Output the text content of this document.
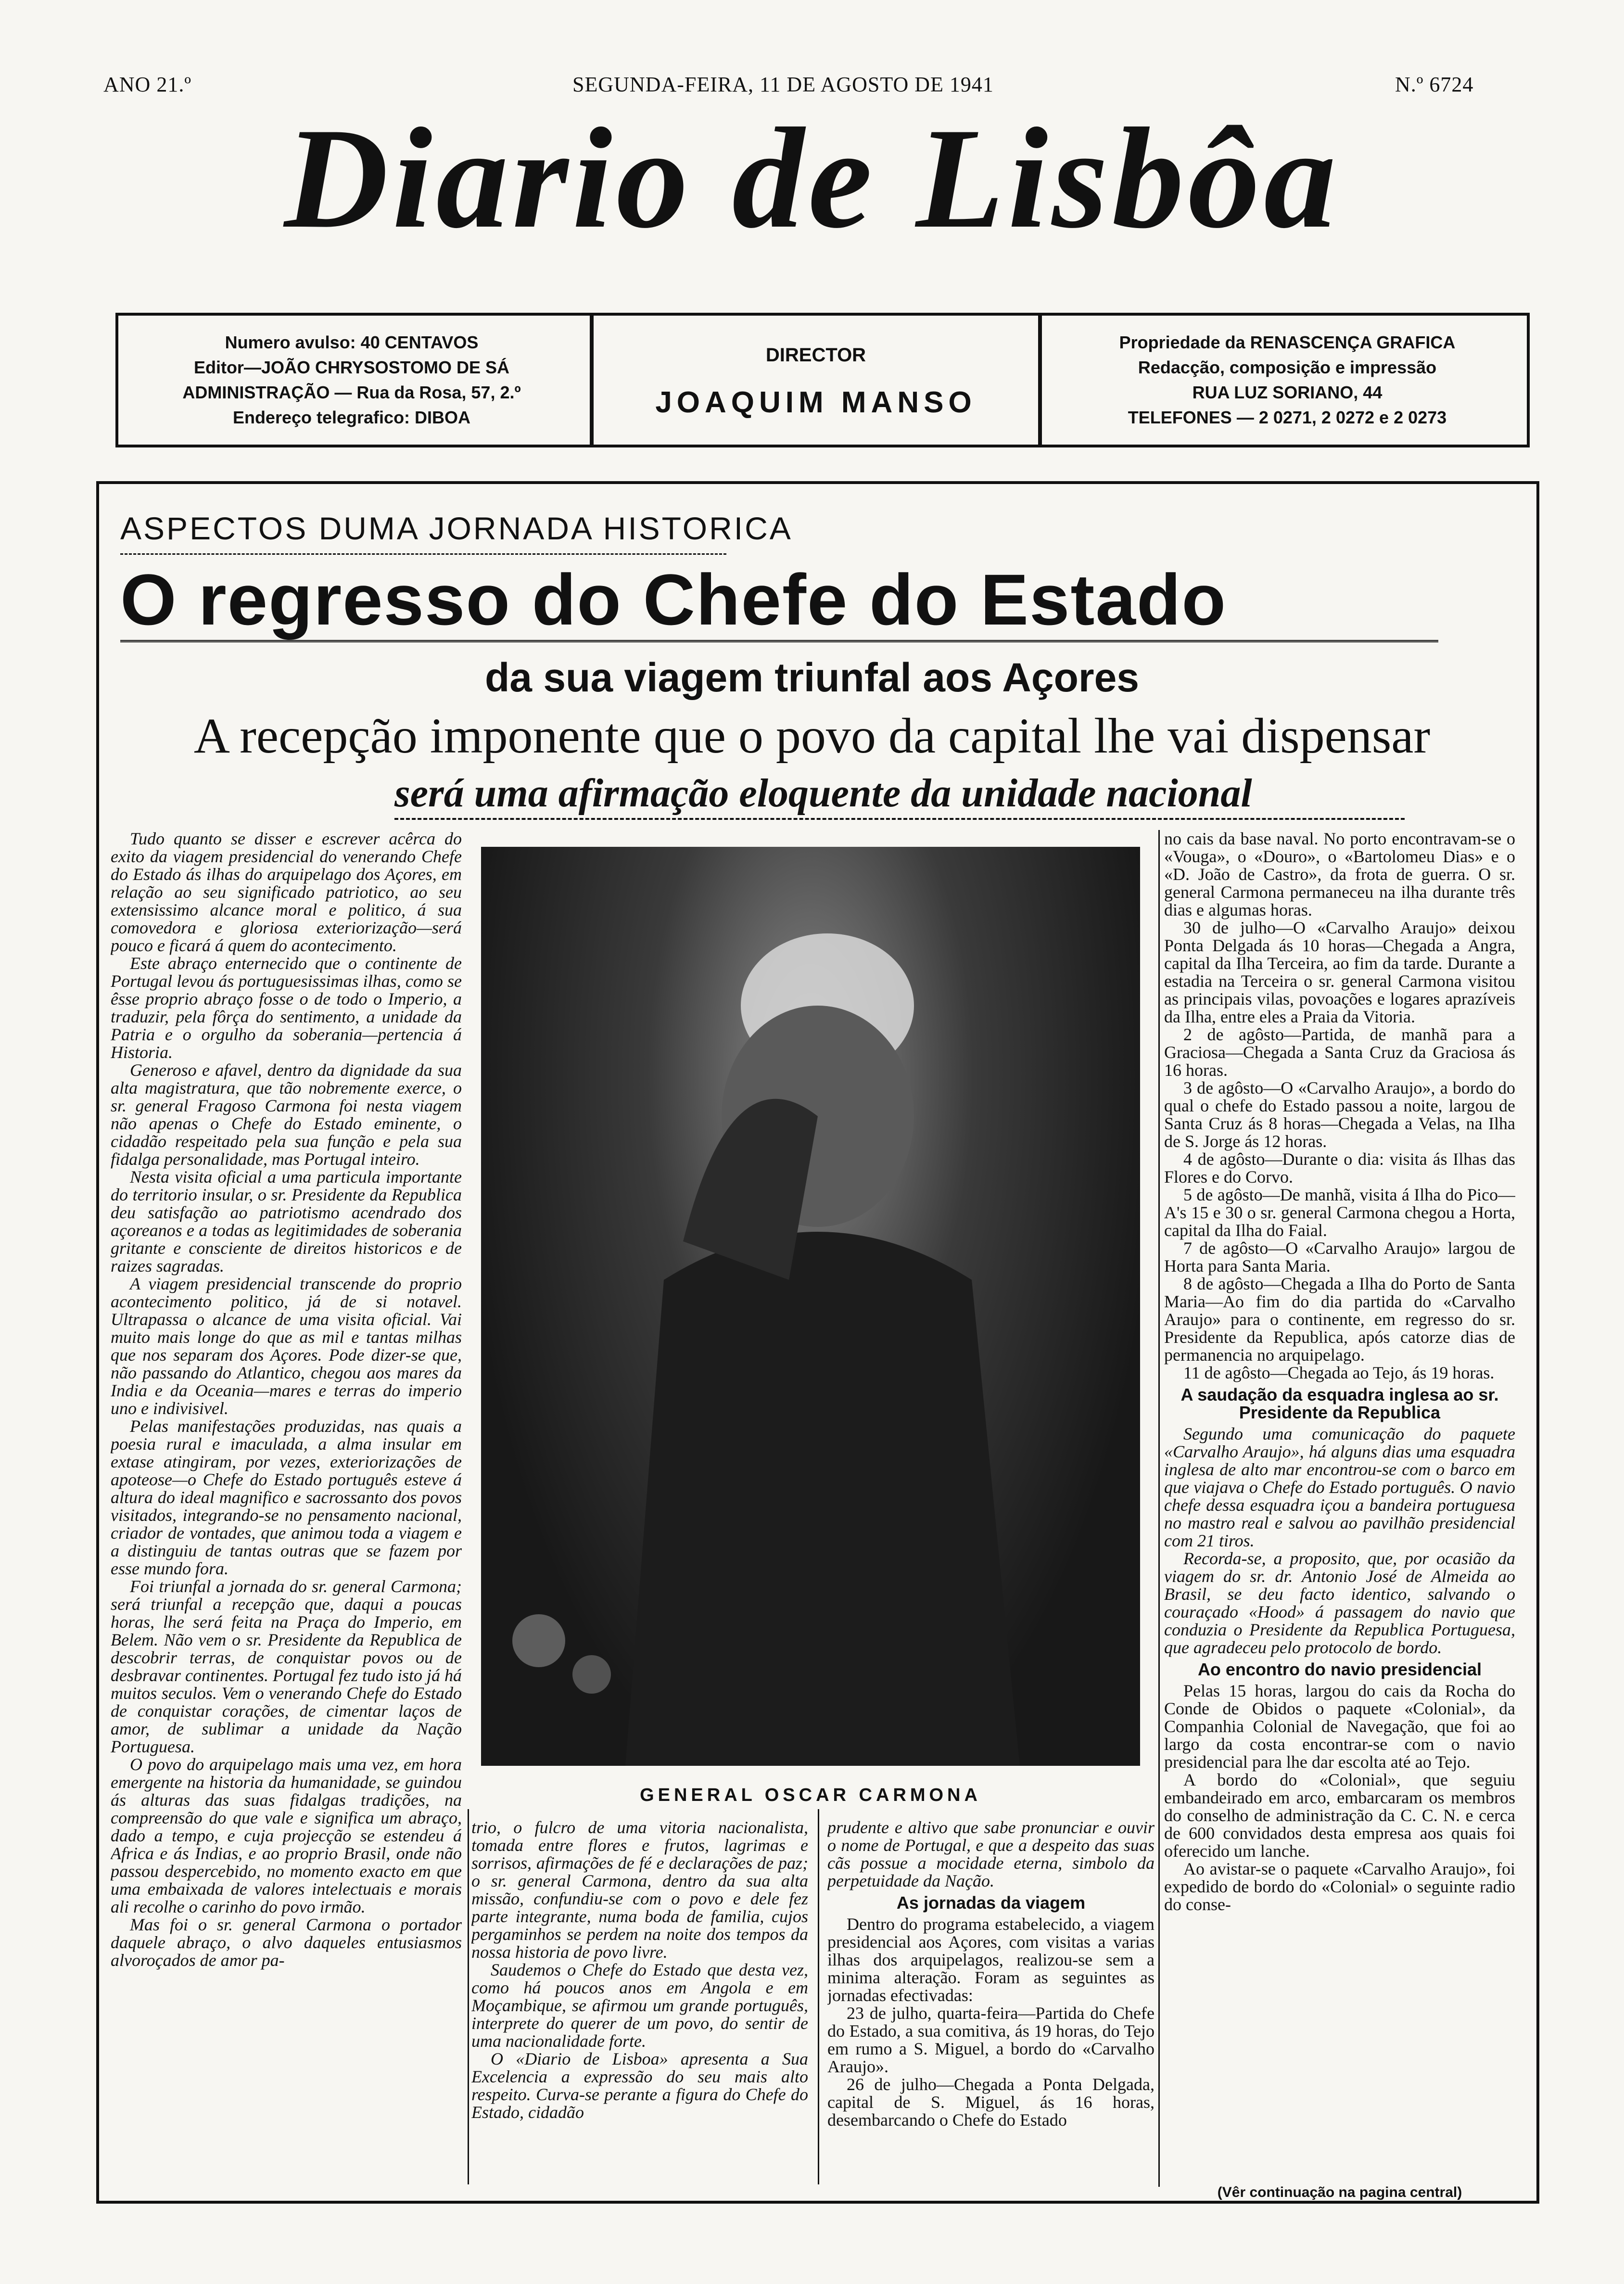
ANO 21.º	SEGUNDA-FEIRA, 11 DE AGOSTO DE 1941	N.º 6724
Diario de Lisbôa
Numero avulso: 40 CENTAVOS
Editor—JOÃO CHRYSOSTOMO DE SÁ
ADMINISTRAÇÃO — Rua da Rosa, 57, 2.º
Endereço telegrafico: DIBOA
DIRECTOR
JOAQUIM MANSO
Propriedade da RENASCENÇA GRAFICA
Redacção, composição e impressão
RUA LUZ SORIANO, 44
TELEFONES — 2 0271, 2 0272 e 2 0273
ASPECTOS DUMA JORNADA HISTORICA
O regresso do Chefe do Estado
da sua viagem triunfal aos Açores
A recepção imponente que o povo da capital lhe vai dispensar
será uma afirmação eloquente da unidade nacional

Tudo quanto se disser e escrever acêrca do exito da viagem presidencial do venerando Chefe do Estado ás ilhas do arquipelago dos Açores, em relação ao seu significado patriotico, ao seu extensissimo alcance moral e politico, á sua comovedora e gloriosa exteriorização—será pouco e ficará á quem do acontecimento.

Este abraço enternecido que o continente de Portugal levou ás portuguesissimas ilhas, como se êsse proprio abraço fosse o de todo o Imperio, a traduzir, pela fôrça do sentimento, a unidade da Patria e o orgulho da soberania—pertencia á Historia.

Generoso e afavel, dentro da dignidade da sua alta magistratura, que tão nobremente exerce, o sr. general Fragoso Carmona foi nesta viagem não apenas o Chefe do Estado eminente, o cidadão respeitado pela sua função e pela sua fidalga personalidade, mas Portugal inteiro.

Nesta visita oficial a uma particula importante do territorio insular, o sr. Presidente da Republica deu satisfação ao patriotismo acendrado dos açoreanos e a todas as legitimidades de soberania gritante e consciente de direitos historicos e de raizes sagradas.

A viagem presidencial transcende do proprio acontecimento politico, já de si notavel. Ultrapassa o alcance de uma visita oficial. Vai muito mais longe do que as mil e tantas milhas que nos separam dos Açores. Pode dizer-se que, não passando do Atlantico, chegou aos mares da India e da Oceania—mares e terras do imperio uno e indivisivel.

Pelas manifestações produzidas, nas quais a poesia rural e imaculada, a alma insular em extase atingiram, por vezes, exteriorizações de apoteose—o Chefe do Estado português esteve á altura do ideal magnifico e sacrossanto dos povos visitados, integrando-se no pensamento nacional, criador de vontades, que animou toda a viagem e a distinguiu de tantas outras que se fazem por esse mundo fora.

Foi triunfal a jornada do sr. general Carmona; será triunfal a recepção que, daqui a poucas horas, lhe será feita na Praça do Imperio, em Belem. Não vem o sr. Presidente da Republica de descobrir terras, de conquistar povos ou de desbravar continentes. Portugal fez tudo isto já há muitos seculos. Vem o venerando Chefe do Estado de conquistar corações, de cimentar laços de amor, de sublimar a unidade da Nação Portuguesa.

O povo do arquipelago mais uma vez, em hora emergente na historia da humanidade, se guindou ás alturas das suas fidalgas tradições, na compreensão do que vale e significa um abraço, dado a tempo, e cuja projecção se estendeu á Africa e ás Indias, e ao proprio Brasil, onde não passou despercebido, no momento exacto em que uma embaixada de valores intelectuais e morais ali recolhe o carinho do povo irmão.

Mas foi o sr. general Carmona o portador daquele abraço, o alvo daqueles entusiasmos alvoroçados de amor pa-

GENERAL OSCAR CARMONA

trio, o fulcro de uma vitoria nacionalista, tomada entre flores e frutos, lagrimas e sorrisos, afirmações de fé e declarações de paz; o sr. general Carmona, dentro da sua alta missão, confundiu-se com o povo e dele fez parte integrante, numa boda de familia, cujos pergaminhos se perdem na noite dos tempos da nossa historia de povo livre.

Saudemos o Chefe do Estado que desta vez, como há poucos anos em Angola e em Moçambique, se afirmou um grande português, interprete do querer de um povo, do sentir de uma nacionalidade forte.

O «Diario de Lisboa» apresenta a Sua Excelencia a expressão do seu mais alto respeito. Curva-se perante a figura do Chefe do Estado, cidadão

prudente e altivo que sabe pronunciar e ouvir o nome de Portugal, e que a despeito das suas cãs possue a mocidade eterna, simbolo da perpetuidade da Nação.

As jornadas da viagem

Dentro do programa estabelecido, a viagem presidencial aos Açores, com visitas a varias ilhas dos arquipelagos, realizou-se sem a minima alteração. Foram as seguintes as jornadas efectivadas:

23 de julho, quarta-feira—Partida do Chefe do Estado, a sua comitiva, ás 19 horas, do Tejo em rumo a S. Miguel, a bordo do «Carvalho Araujo».

26 de julho—Chegada a Ponta Delgada, capital de S. Miguel, ás 16 horas, desembarcando o Chefe do Estado

no cais da base naval. No porto encontravam-se o «Vouga», o «Douro», o «Bartolomeu Dias» e o «D. João de Castro», da frota de guerra. O sr. general Carmona permaneceu na ilha durante três dias e algumas horas.

30 de julho—O «Carvalho Araujo» deixou Ponta Delgada ás 10 horas—Chegada a Angra, capital da Ilha Terceira, ao fim da tarde. Durante a estadia na Terceira o sr. general Carmona visitou as principais vilas, povoações e logares aprazíveis da Ilha, entre eles a Praia da Vitoria.

2 de agôsto—Partida, de manhã para a Graciosa—Chegada a Santa Cruz da Graciosa ás 16 horas.

3 de agôsto—O «Carvalho Araujo», a bordo do qual o chefe do Estado passou a noite, largou de Santa Cruz ás 8 horas—Chegada a Velas, na Ilha de S. Jorge ás 12 horas.

4 de agôsto—Durante o dia: visita ás Ilhas das Flores e do Corvo.

5 de agôsto—De manhã, visita á Ilha do Pico—A's 15 e 30 o sr. general Carmona chegou a Horta, capital da Ilha do Faial.

7 de agôsto—O «Carvalho Araujo» largou de Horta para Santa Maria.

8 de agôsto—Chegada a Ilha do Porto de Santa Maria—Ao fim do dia partida do «Carvalho Araujo» para o continente, em regresso do sr. Presidente da Republica, após catorze dias de permanencia no arquipelago.

11 de agôsto—Chegada ao Tejo, ás 19 horas.

A saudação da esquadra inglesa ao sr. Presidente da Republica

Segundo uma comunicação do paquete «Carvalho Araujo», há alguns dias uma esquadra inglesa de alto mar encontrou-se com o barco em que viajava o Chefe do Estado português. O navio chefe dessa esquadra içou a bandeira portuguesa no mastro real e salvou ao pavilhão presidencial com 21 tiros.

Recorda-se, a proposito, que, por ocasião da viagem do sr. dr. Antonio José de Almeida ao Brasil, se deu facto identico, salvando o couraçado «Hood» á passagem do navio que conduzia o Presidente da Republica Portuguesa, que agradeceu pelo protocolo de bordo.

Ao encontro do navio presidencial

Pelas 15 horas, largou do cais da Rocha do Conde de Obidos o paquete «Colonial», da Companhia Colonial de Navegação, que foi ao largo da costa encontrar-se com o navio presidencial para lhe dar escolta até ao Tejo.

A bordo do «Colonial», que seguiu embandeirado em arco, embarcaram os membros do conselho de administração da C. C. N. e cerca de 600 convidados desta empresa aos quais foi oferecido um lanche.

Ao avistar-se o paquete «Carvalho Araujo», foi expedido de bordo do «Colonial» o seguinte radio do conse-

(Vêr continuação na pagina central)
